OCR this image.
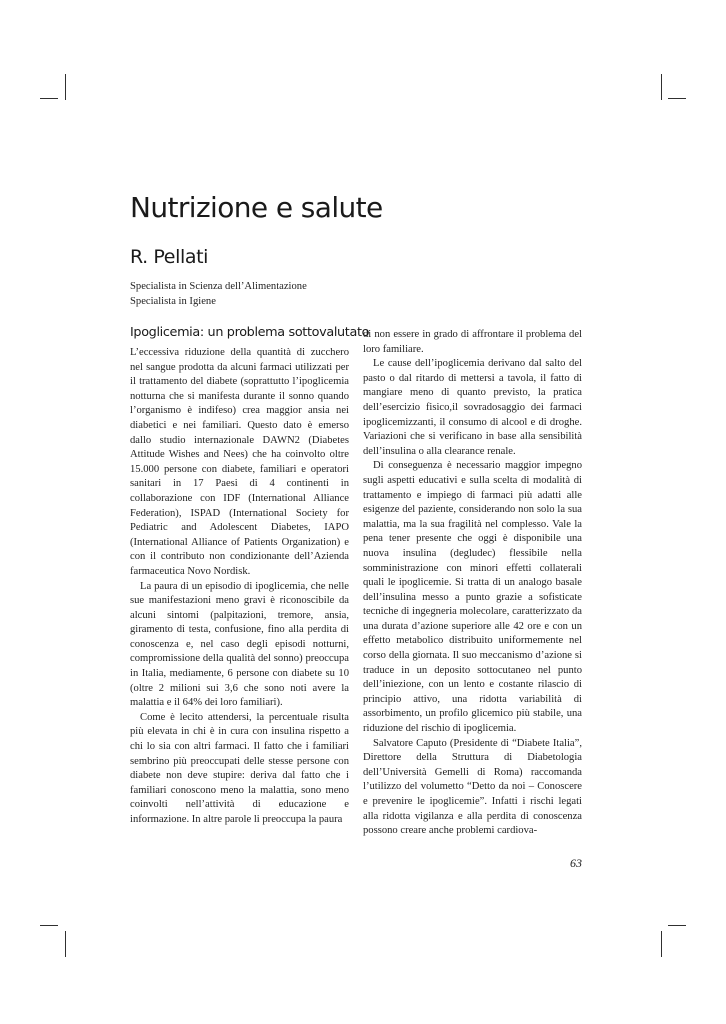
Nutrizione e salute
R. Pellati
Specialista in Scienza dell’Alimentazione
Specialista in Igiene
Ipoglicemia: un problema sottovalutato

L’eccessiva riduzione della quantità di zucchero nel sangue prodotta da alcuni farmaci utilizzati per il trattamento del diabete (soprattutto l’ipoglicemia notturna che si manifesta durante il sonno quando l’organismo è indifeso) crea maggior ansia nei diabetici e nei familiari. Questo dato è emerso dallo studio internazionale DAWN2 (Diabetes Attitude Wishes and Nees) che ha coinvolto oltre 15.000 persone con diabete, familiari e operatori sanitari in 17 Paesi di 4 continenti in collaborazione con IDF (International Alliance Federation), ISPAD (International Society for Pediatric and Adolescent Diabetes, IAPO (International Alliance of Patients Organization) e con il contributo non condizionante dell’Azienda farmaceutica Novo Nordisk.

La paura di un episodio di ipoglicemia, che nelle sue manifestazioni meno gravi è riconoscibile da alcuni sintomi (palpitazioni, tremore, ansia, giramento di testa, confusione, fino alla perdita di conoscenza e, nel caso degli episodi notturni, compromissione della qualità del sonno) preoccupa in Italia, mediamente, 6 persone con diabete su 10 (oltre 2 milioni sui 3,6 che sono noti avere la malattia e il 64% dei loro familiari).

Come è lecito attendersi, la percentuale risulta più elevata in chi è in cura con insulina rispetto a chi lo sia con altri farmaci. Il fatto che i familiari sembrino più preoccupati delle stesse persone con diabete non deve stupire: deriva dal fatto che i familiari conoscono meno la malattia, sono meno coinvolti nell’attività di educazione e informazione. In altre parole li preoccupa la paura

di non essere in grado di affrontare il problema del loro familiare.

Le cause dell’ipoglicemia derivano dal salto del pasto o dal ritardo di mettersi a tavola, il fatto di mangiare meno di quanto previsto, la pratica dell’esercizio fisico,il sovradosaggio dei farmaci ipoglicemizzanti, il consumo di alcool e di droghe. Variazioni che si verificano in base alla sensibilità dell’insulina o alla clearance renale.

Di conseguenza è necessario maggior impegno sugli aspetti educativi e sulla scelta di modalità di trattamento e impiego di farmaci più adatti alle esigenze del paziente, considerando non solo la sua malattia, ma la sua fragilità nel complesso. Vale la pena tener presente che oggi è disponibile una nuova insulina (degludec) flessibile nella somministrazione con minori effetti collaterali quali le ipoglicemie. Si tratta di un analogo basale dell’insulina messo a punto grazie a sofisticate tecniche di ingegneria molecolare, caratterizzato da una durata d’azione superiore alle 42 ore e con un effetto metabolico distribuito uniformemente nel corso della giornata. Il suo meccanismo d’azione si traduce in un deposito sottocutaneo nel punto dell’iniezione, con un lento e costante rilascio di principio attivo, una ridotta variabilità di assorbimento, un profilo glicemico più stabile, una riduzione del rischio di ipoglicemia.

Salvatore Caputo (Presidente di “Diabete Italia”, Direttore della Struttura di Diabetologia dell’Università Gemelli di Roma) raccomanda l’utilizzo del volumetto “Detto da noi – Conoscere e prevenire le ipoglicemie”. Infatti i rischi legati alla ridotta vigilanza e alla perdita di conoscenza possono creare anche problemi cardiova-

63
